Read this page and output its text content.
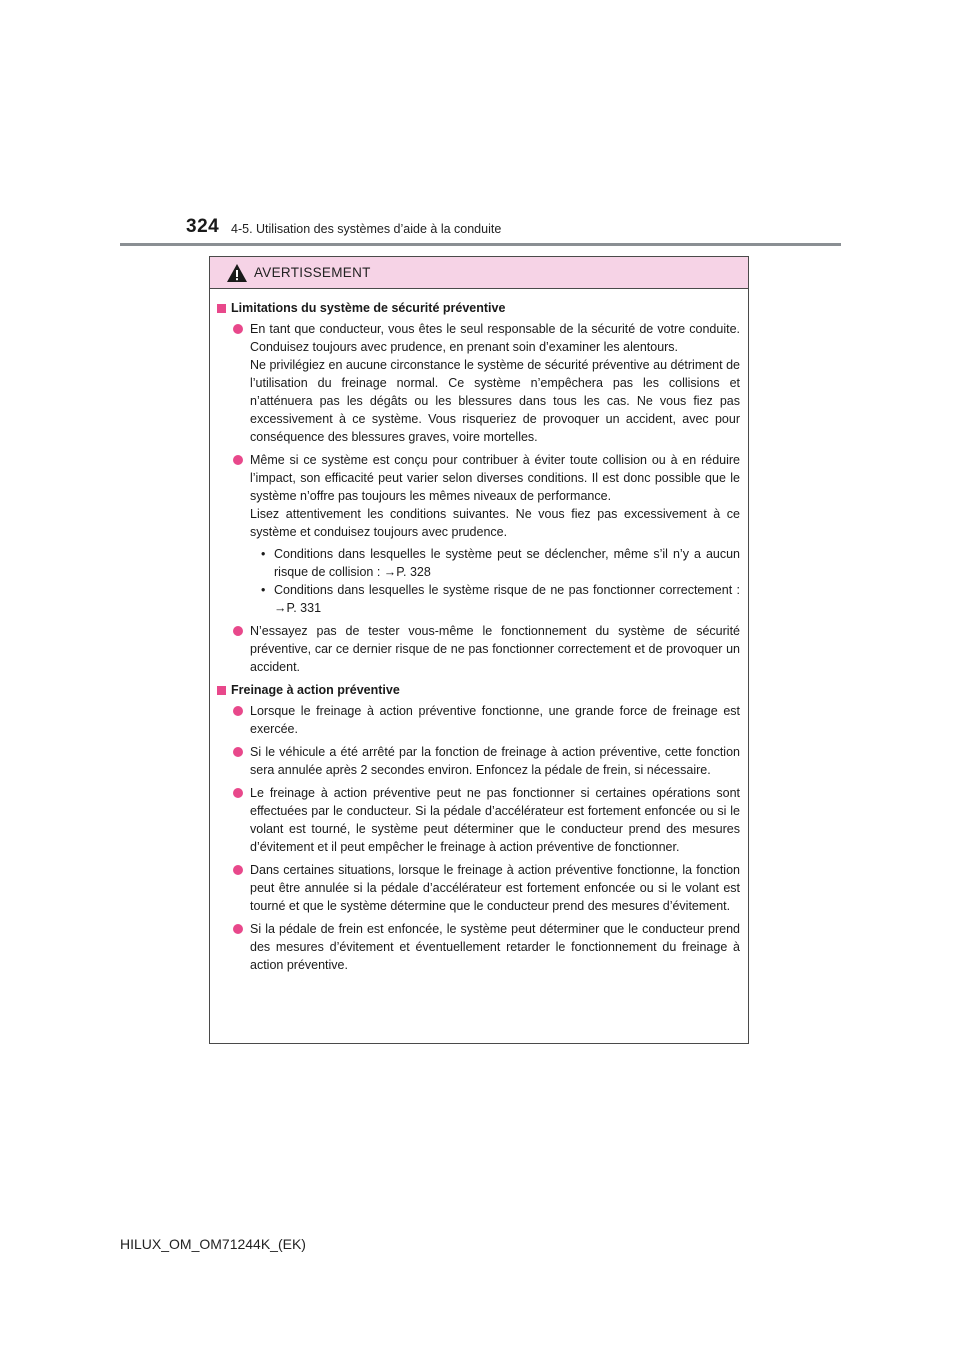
324 4-5. Utilisation des systèmes d’aide à la conduite
AVERTISSEMENT
Limitations du système de sécurité préventive

En tant que conducteur, vous êtes le seul responsable de la sécurité de votre conduite. Conduisez toujours avec prudence, en prenant soin d’examiner les alentours.

Ne privilégiez en aucune circonstance le système de sécurité préventive au détriment de l’utilisation du freinage normal. Ce système n’empêchera pas les collisions et n’atténuera pas les dégâts ou les blessures dans tous les cas. Ne vous fiez pas excessivement à ce système. Vous risqueriez de provoquer un accident, avec pour conséquence des blessures graves, voire mortelles.

Même si ce système est conçu pour contribuer à éviter toute collision ou à en réduire l’impact, son efficacité peut varier selon diverses conditions. Il est donc possible que le système n’offre pas toujours les mêmes niveaux de performance.

Lisez attentivement les conditions suivantes. Ne vous fiez pas excessivement à ce système et conduisez toujours avec prudence.

• Conditions dans lesquelles le système peut se déclencher, même s’il n’y a aucun risque de collision : →P. 328
• Conditions dans lesquelles le système risque de ne pas fonctionner correctement : →P. 331

N’essayez pas de tester vous-même le fonctionnement du système de sécurité préventive, car ce dernier risque de ne pas fonctionner correctement et de provoquer un accident.

Freinage à action préventive

Lorsque le freinage à action préventive fonctionne, une grande force de freinage est exercée.

Si le véhicule a été arrêté par la fonction de freinage à action préventive, cette fonction sera annulée après 2 secondes environ. Enfoncez la pédale de frein, si nécessaire.

Le freinage à action préventive peut ne pas fonctionner si certaines opérations sont effectuées par le conducteur. Si la pédale d’accélérateur est fortement enfoncée ou si le volant est tourné, le système peut déterminer que le conducteur prend des mesures d’évitement et il peut empêcher le freinage à action préventive de fonctionner.

Dans certaines situations, lorsque le freinage à action préventive fonctionne, la fonction peut être annulée si la pédale d’accélérateur est fortement enfoncée ou si le volant est tourné et que le système détermine que le conducteur prend des mesures d’évitement.

Si la pédale de frein est enfoncée, le système peut déterminer que le conducteur prend des mesures d’évitement et éventuellement retarder le fonctionnement du freinage à action préventive.

HILUX_OM_OM71244K_(EK)
